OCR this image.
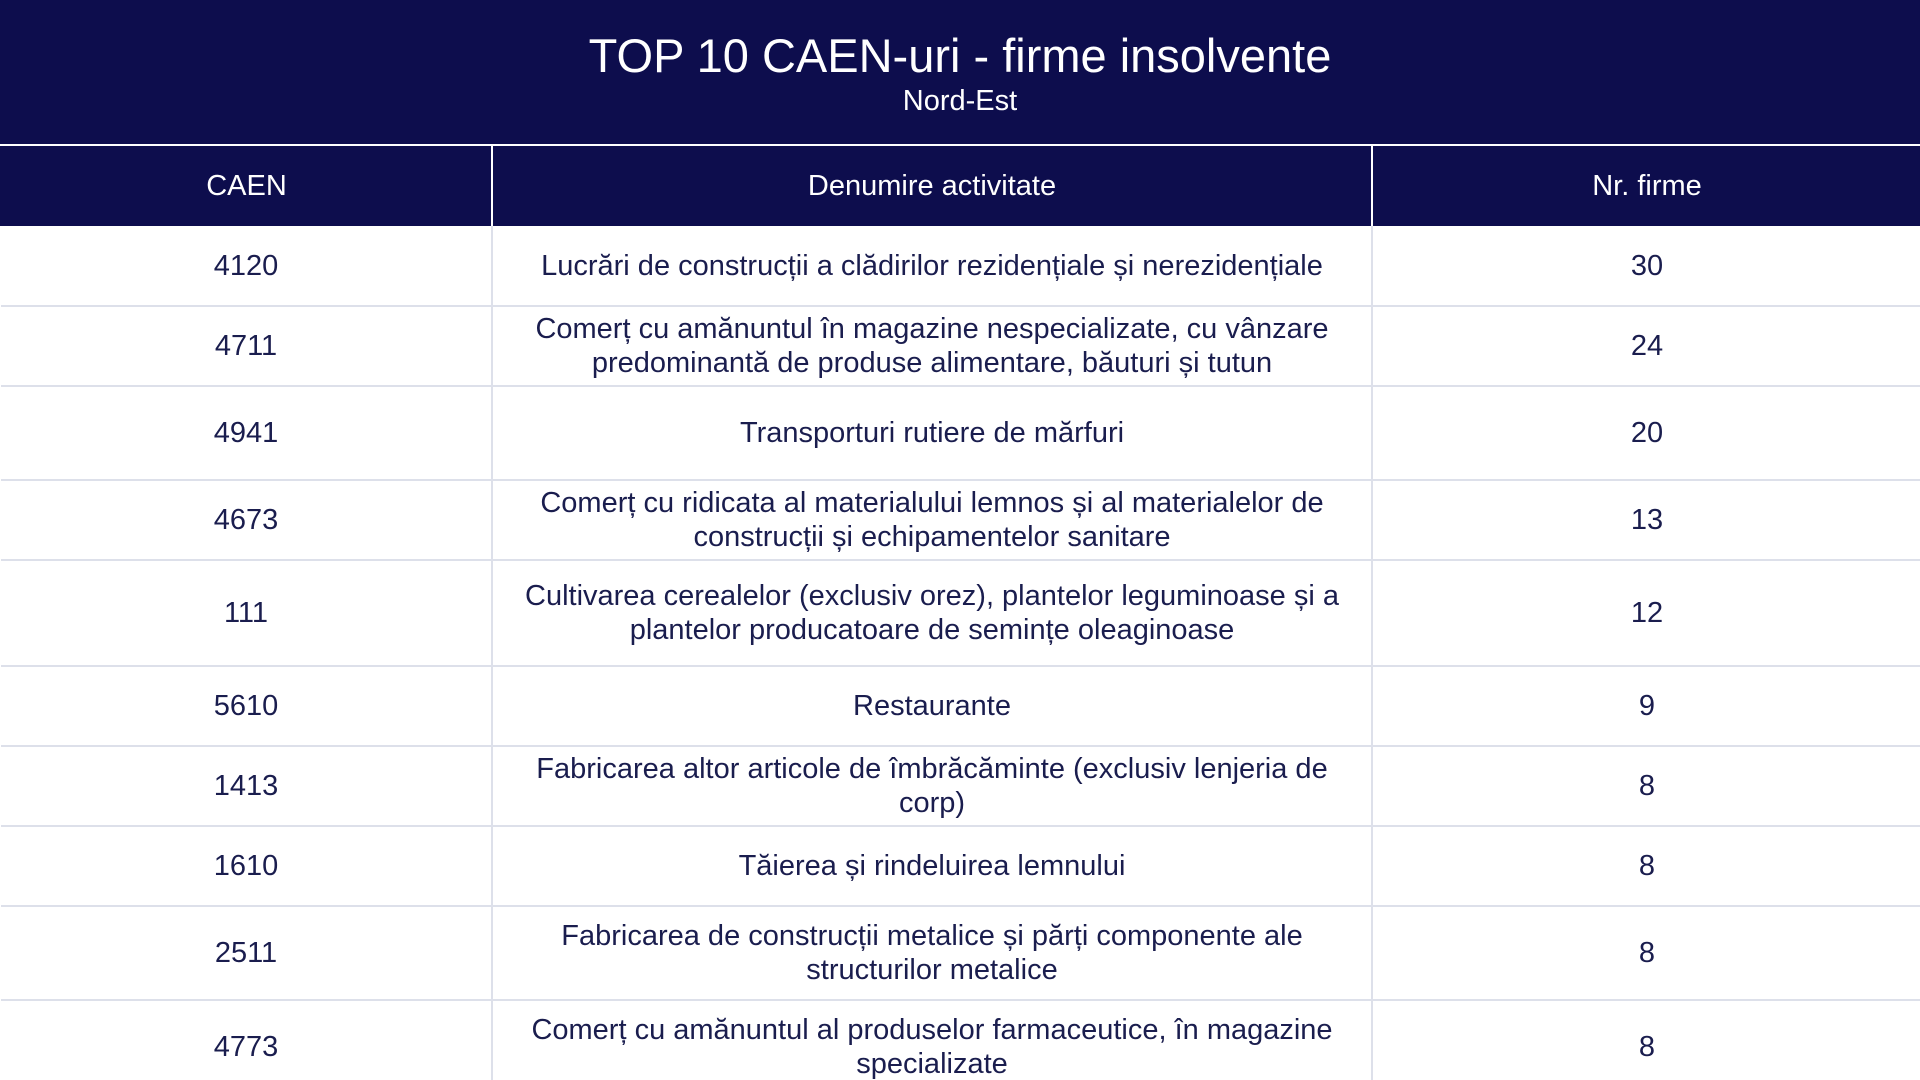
TOP 10 CAEN-uri - firme insolvente
Nord-Est
CAEN	Denumire activitate	Nr. firme
4120	Lucrări de construcții a clădirilor rezidențiale și nerezidențiale	30
4711	Comerț cu amănuntul în magazine nespecializate, cu vânzare predominantă de produse alimentare, băuturi și tutun	24
4941	Transporturi rutiere de mărfuri	20
4673	Comerț cu ridicata al materialului lemnos și al materialelor de construcții și echipamentelor sanitare	13
111	Cultivarea cerealelor (exclusiv orez), plantelor leguminoase și a plantelor producatoare de semințe oleaginoase	12
5610	Restaurante	9
1413	Fabricarea altor articole de îmbrăcăminte (exclusiv lenjeria de corp)	8
1610	Tăierea și rindeluirea lemnului	8
2511	Fabricarea de construcții metalice și părți componente ale structurilor metalice	8
4773	Comerț cu amănuntul al produselor farmaceutice, în magazine specializate	8
